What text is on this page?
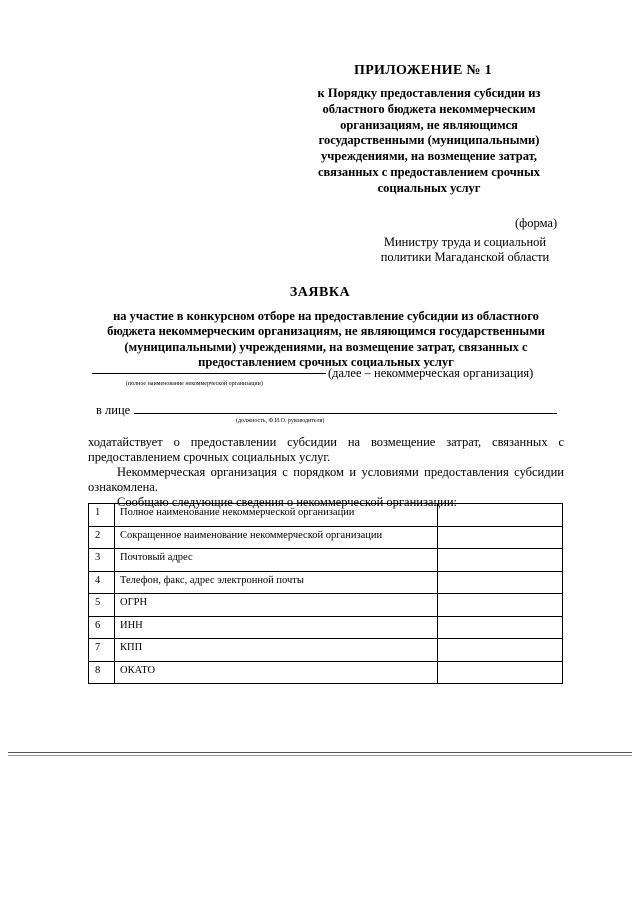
ПРИЛОЖЕНИЕ № 1
к Порядку предоставления субсидии из областного бюджета некоммерческим организациям, не являющимся государственными (муниципальными) учреждениями, на возмещение затрат, связанных с предоставлением срочных социальных услуг
(форма)
Министру труда и социальной
политики Магаданской области
ЗАЯВКА
на участие в конкурсном отборе на предоставление субсидии из областного бюджета некоммерческим организациям, не являющимся государственными (муниципальными) учреждениями, на возмещение затрат, связанных с предоставлением срочных социальных услуг
(далее – некоммерческая организация)
(полное наименование некоммерческой организации)
в лице
(должность, Ф.И.О. руководителя)

ходатайствует о предоставлении субсидии на возмещение затрат, связанных с предоставлением срочных социальных услуг.

Некоммерческая организация с порядком и условиями предоставления субсидии ознакомлена.

Сообщаю следующие сведения о некоммерческой организации:

1	Полное наименование некоммерческой организации	
2	Сокращенное наименование некоммерческой организации	
3	Почтовый адрес	
4	Телефон, факс, адрес электронной почты	
5	ОГРН	
6	ИНН	
7	КПП	
8	ОКАТО	
